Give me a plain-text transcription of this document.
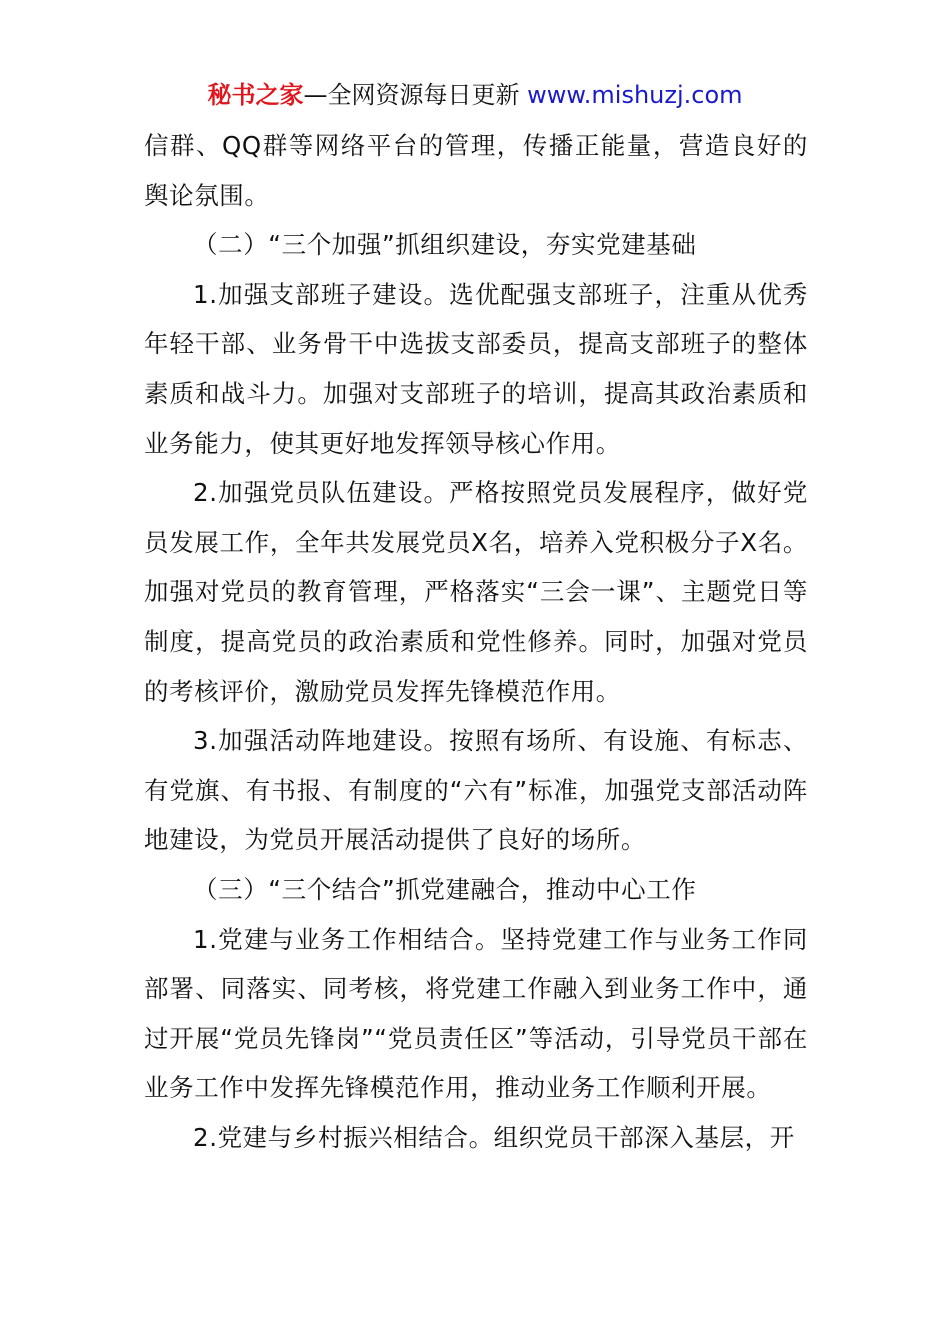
秘书之家—全网资源每日更新 www.mishuzj.com

信群、QQ群等网络平台的管理，传播正能量，营造良好的舆论氛围。

（二）“三个加强”抓组织建设，夯实党建基础

1.加强支部班子建设。选优配强支部班子，注重从优秀年轻干部、业务骨干中选拔支部委员，提高支部班子的整体素质和战斗力。加强对支部班子的培训，提高其政治素质和业务能力，使其更好地发挥领导核心作用。

2.加强党员队伍建设。严格按照党员发展程序，做好党员发展工作，全年共发展党员X名，培养入党积极分子X名。加强对党员的教育管理，严格落实“三会一课”、主题党日等制度，提高党员的政治素质和党性修养。同时，加强对党员的考核评价，激励党员发挥先锋模范作用。

3.加强活动阵地建设。按照有场所、有设施、有标志、有党旗、有书报、有制度的“六有”标准，加强党支部活动阵地建设，为党员开展活动提供了良好的场所。

（三）“三个结合”抓党建融合，推动中心工作

1.党建与业务工作相结合。坚持党建工作与业务工作同部署、同落实、同考核，将党建工作融入到业务工作中，通过开展“党员先锋岗”“党员责任区”等活动，引导党员干部在业务工作中发挥先锋模范作用，推动业务工作顺利开展。

2.党建与乡村振兴相结合。组织党员干部深入基层，开
